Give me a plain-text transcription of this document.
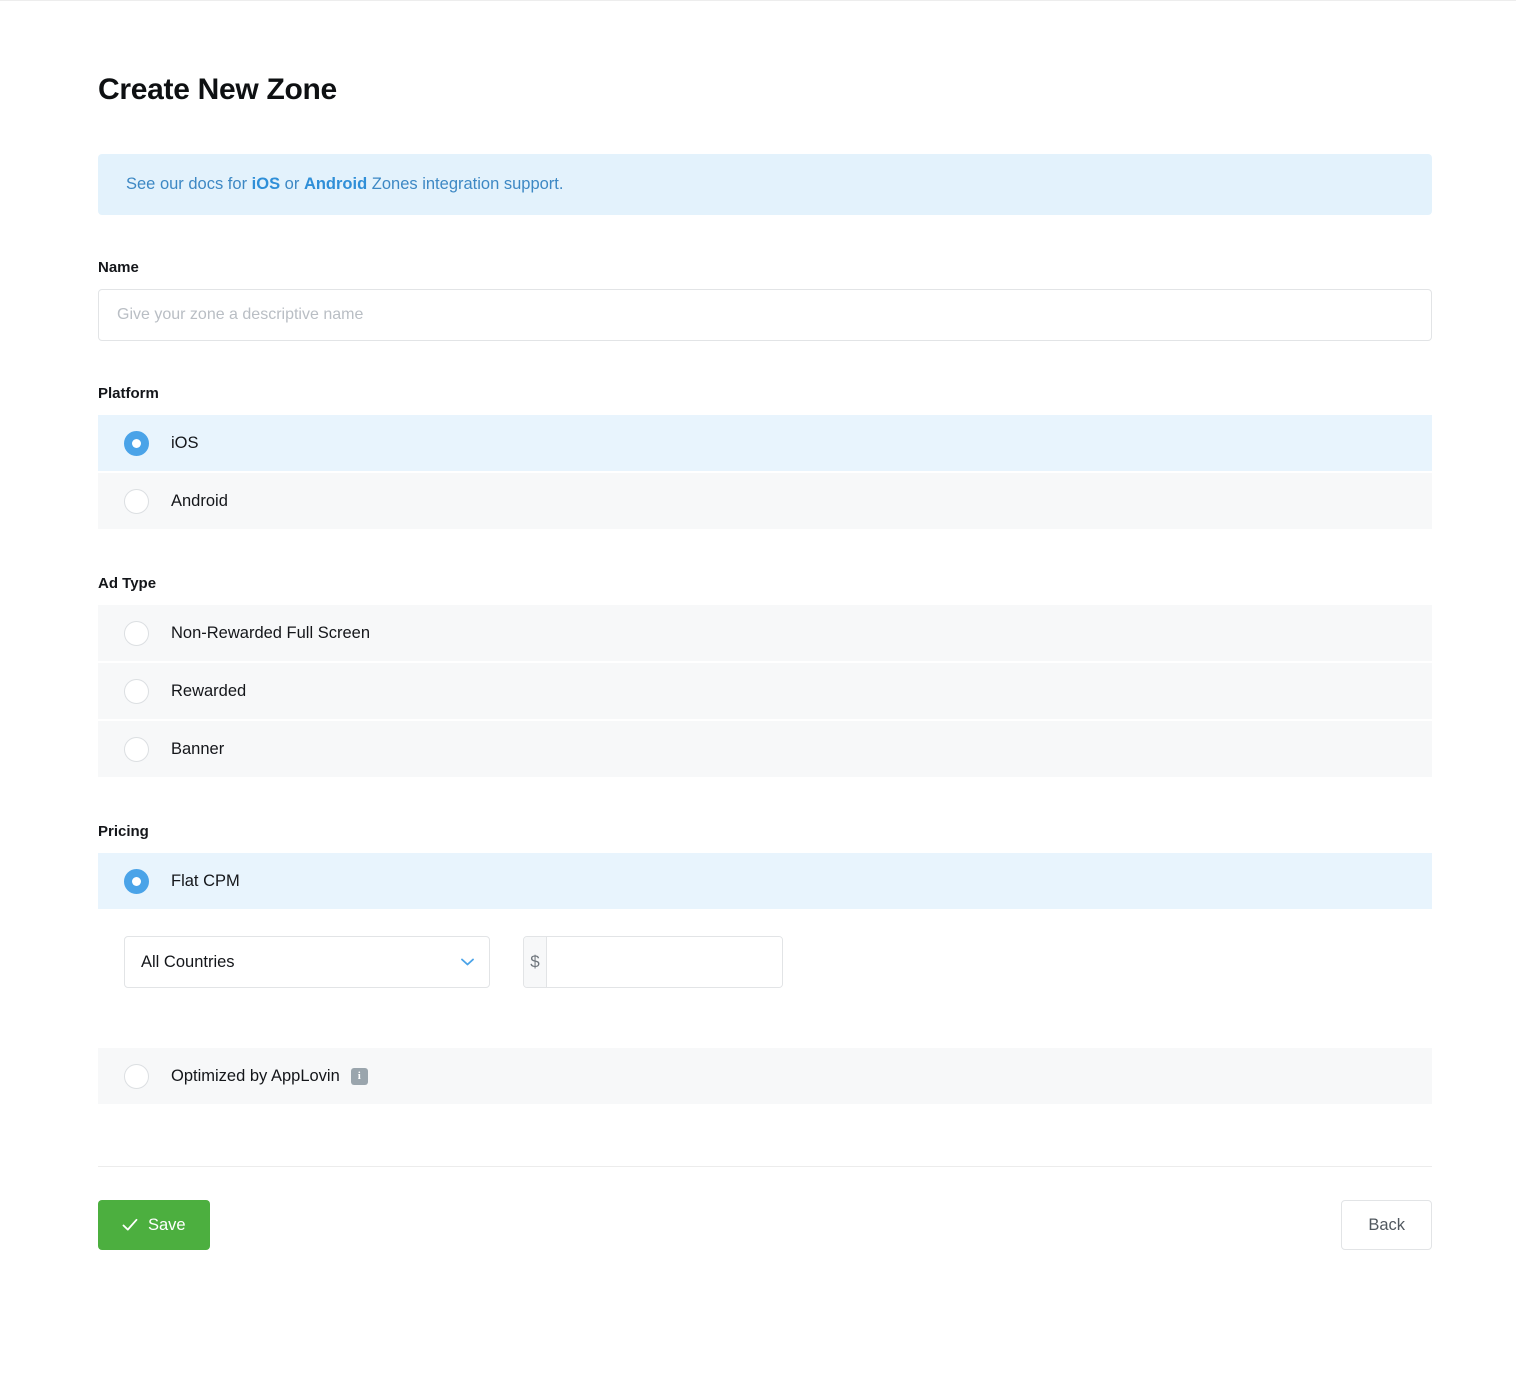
Create New Zone
See our docs for iOS or Android Zones integration support.
Name
Give your zone a descriptive name
Platform
iOS
Android
Ad Type
Non-Rewarded Full Screen
Rewarded
Banner
Pricing
Flat CPM
All Countries
$
Optimized by AppLovin	i
Save	Back
